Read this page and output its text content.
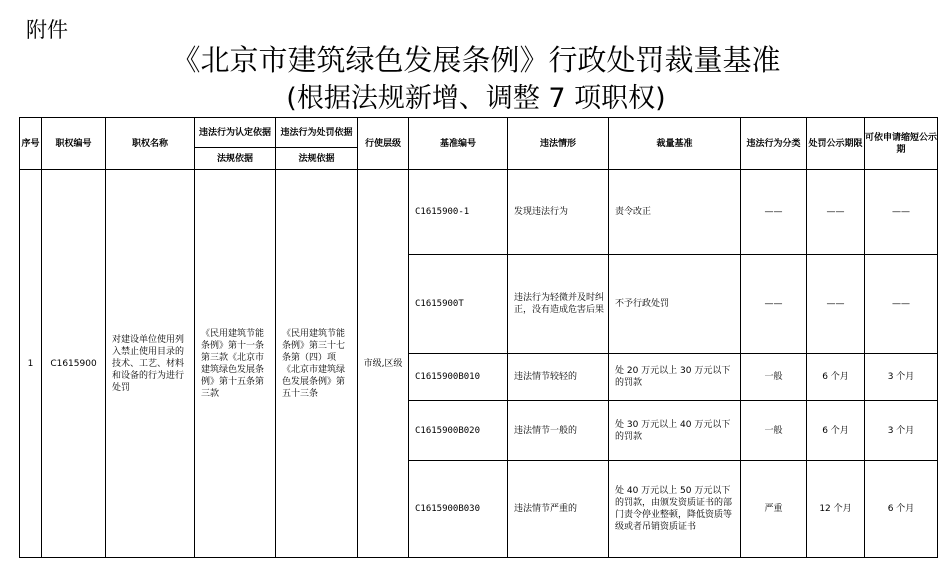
附件
《北京市建筑绿色发展条例》行政处罚裁量基准
(根据法规新增、调整 7 项职权)
序号	职权编号	职权名称	违法行为认定依据	违法行为处罚依据	行使层级	基准编号	违法情形	裁量基准	违法行为分类	处罚公示期限	可依申请缩短公示期
			法规依据	法规依据							
1	C1615900	对建设单位使用列入禁止使用目录的技术、工艺、材料和设备的行为进行处罚	《民用建筑节能条例》第十一条第三款《北京市建筑绿色发展条例》第十五条第三款	《民用建筑节能条例》第三十七条第（四）项《北京市建筑绿色发展条例》第五十三条	市级,区级	C1615900-1	发现违法行为	责令改正	——	——	——
						C1615900T	违法行为轻微并及时纠正，没有造成危害后果	不予行政处罚	——	——	——
						C1615900B010	违法情节较轻的	处 20 万元以上 30 万元以下的罚款	一般	6 个月	3 个月
						C1615900B020	违法情节一般的	处 30 万元以上 40 万元以下的罚款	一般	6 个月	3 个月
						C1615900B030	违法情节严重的	处 40 万元以上 50 万元以下的罚款，由颁发资质证书的部门责令停业整顿，降低资质等级或者吊销资质证书	严重	12 个月	6 个月
